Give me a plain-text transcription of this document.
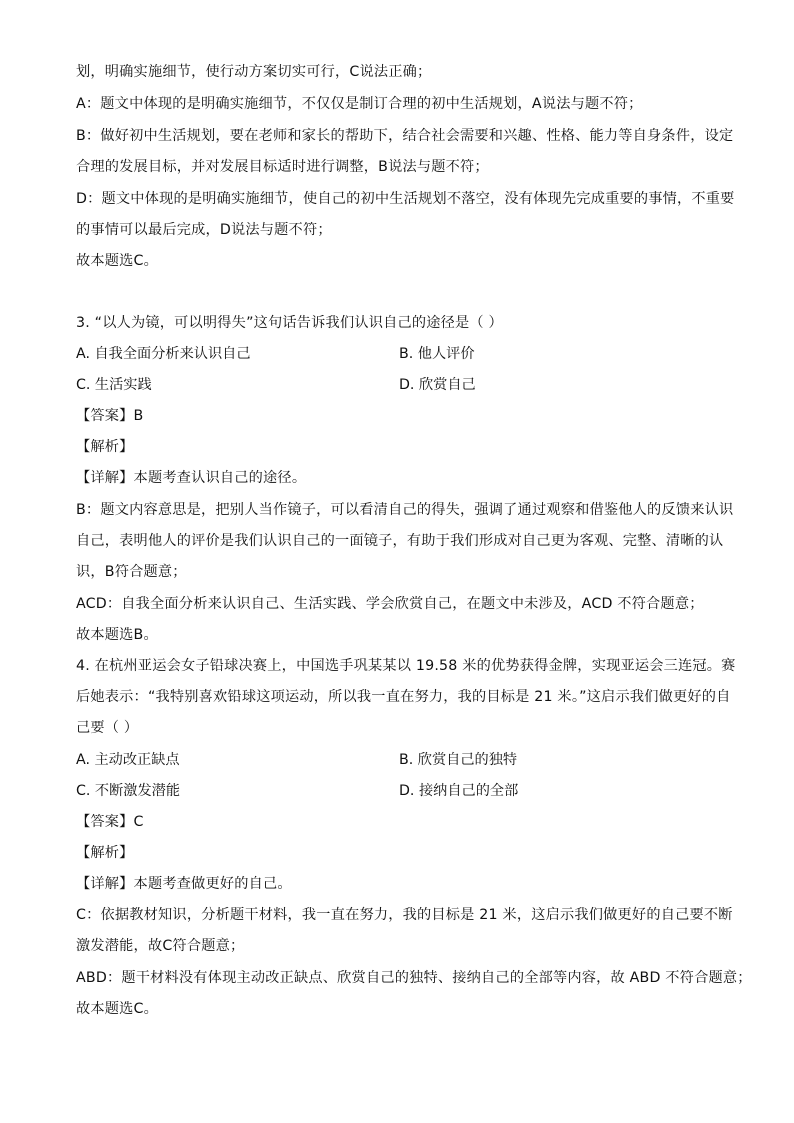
划，明确实施细节，使行动方案切实可行，C说法正确；
A：题文中体现的是明确实施细节，不仅仅是制订合理的初中生活规划，A说法与题不符；
B：做好初中生活规划，要在老师和家长的帮助下，结合社会需要和兴趣、性格、能力等自身条件，设定
合理的发展目标，并对发展目标适时进行调整，B说法与题不符；
D：题文中体现的是明确实施细节，使自己的初中生活规划不落空，没有体现先完成重要的事情，不重要
的事情可以最后完成，D说法与题不符；
故本题选C。
3. “以人为镜，可以明得失”这句话告诉我们认识自己的途径是（ ）
A. 自我全面分析来认识自己	B. 他人评价
C. 生活实践	D. 欣赏自己
【答案】B
【解析】
【详解】本题考查认识自己的途径。
B：题文内容意思是，把别人当作镜子，可以看清自己的得失，强调了通过观察和借鉴他人的反馈来认识
自己，表明他人的评价是我们认识自己的一面镜子，有助于我们形成对自己更为客观、完整、清晰的认
识，B符合题意；
ACD：自我全面分析来认识自己、生活实践、学会欣赏自己，在题文中未涉及，ACD 不符合题意；
故本题选B。
4. 在杭州亚运会女子铅球决赛上，中国选手巩某某以 19.58 米的优势获得金牌，实现亚运会三连冠。赛
后她表示：“我特别喜欢铅球这项运动，所以我一直在努力，我的目标是 21 米。”这启示我们做更好的自
己要（ ）
A. 主动改正缺点	B. 欣赏自己的独特
C. 不断激发潜能	D. 接纳自己的全部
【答案】C
【解析】
【详解】本题考查做更好的自己。
C：依据教材知识，分析题干材料，我一直在努力，我的目标是 21 米，这启示我们做更好的自己要不断
激发潜能，故C符合题意；
ABD：题干材料没有体现主动改正缺点、欣赏自己的独特、接纳自己的全部等内容，故 ABD 不符合题意；
故本题选C。
